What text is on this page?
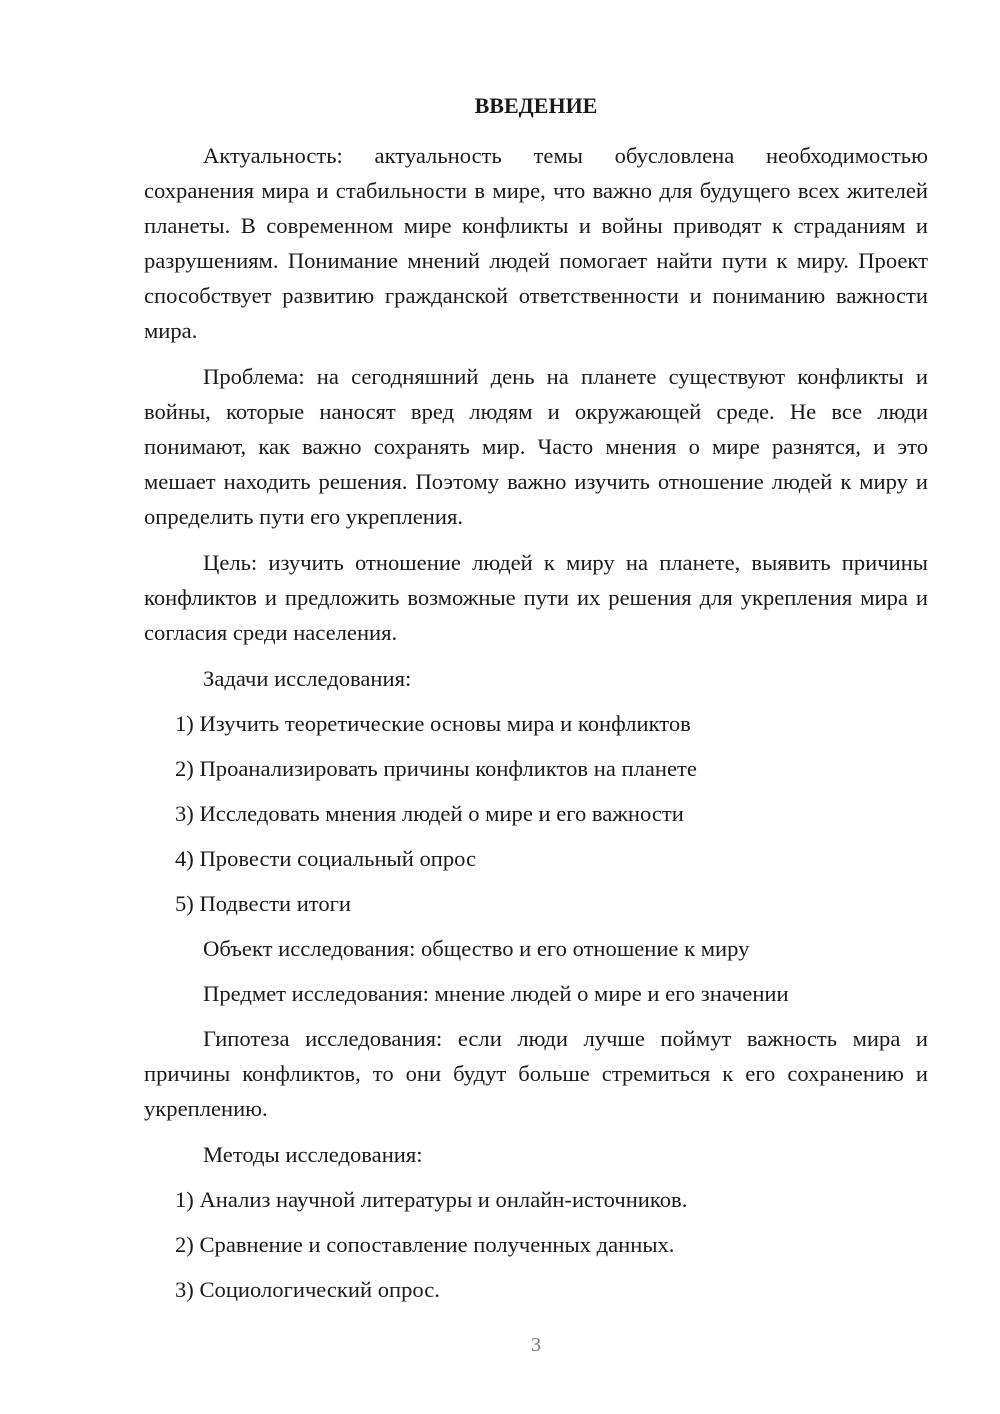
ВВЕДЕНИЕ

Актуальность: актуальность темы обусловлена необходимостью сохранения мира и стабильности в мире, что важно для будущего всех жителей планеты. В современном мире конфликты и войны приводят к страданиям и разрушениям. Понимание мнений людей помогает найти пути к миру. Проект способствует развитию гражданской ответственности и пониманию важности мира.

Проблема: на сегодняшний день на планете существуют конфликты и войны, которые наносят вред людям и окружающей среде. Не все люди понимают, как важно сохранять мир. Часто мнения о мире разнятся, и это мешает находить решения. Поэтому важно изучить отношение людей к миру и определить пути его укрепления.

Цель: изучить отношение людей к миру на планете, выявить причины конфликтов и предложить возможные пути их решения для укрепления мира и согласия среди населения.

Задачи исследования:
1) Изучить теоретические основы мира и конфликтов
2) Проанализировать причины конфликтов на планете
3) Исследовать мнения людей о мире и его важности
4) Провести социальный опрос
5) Подвести итоги
Объект исследования: общество и его отношение к миру
Предмет исследования: мнение людей о мире и его значении

Гипотеза исследования: если люди лучше поймут важность мира и причины конфликтов, то они будут больше стремиться к его сохранению и укреплению.

Методы исследования:
1) Анализ научной литературы и онлайн-источников.
2) Сравнение и сопоставление полученных данных.
3) Социологический опрос.
3
